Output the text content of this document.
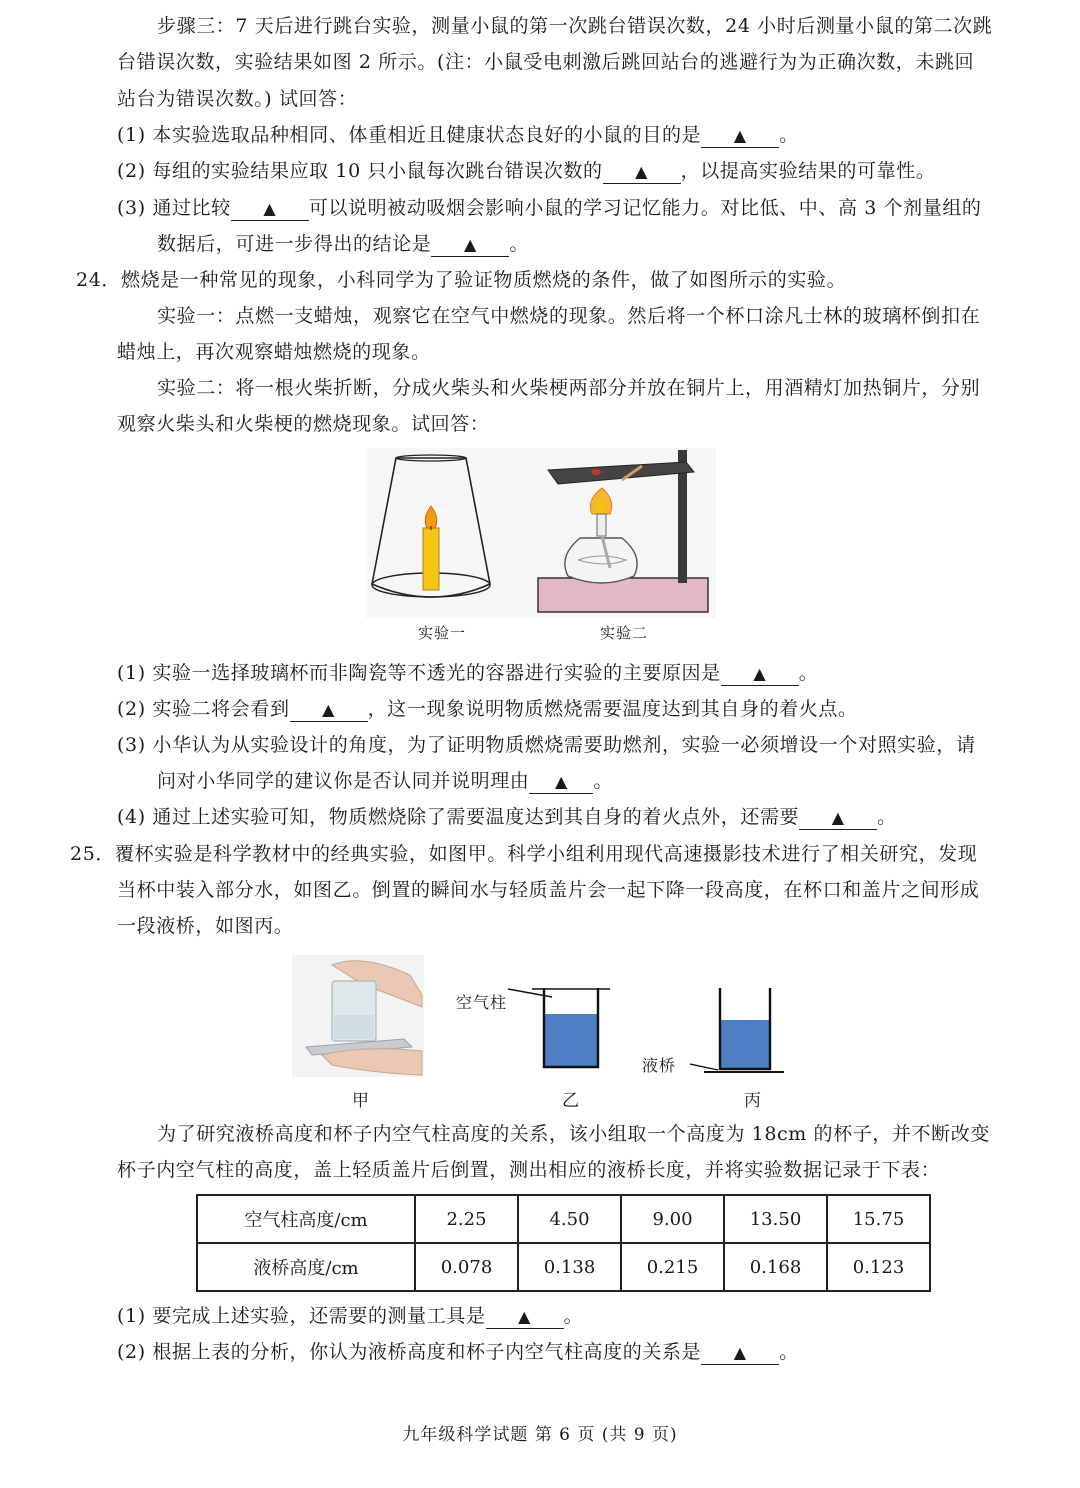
步骤三：7 天后进行跳台实验，测量小鼠的第一次跳台错误次数，24 小时后测量小鼠的第二次跳
台错误次数，实验结果如图 2 所示。(注：小鼠受电刺激后跳回站台的逃避行为为正确次数，未跳回
站台为错误次数。) 试回答：
(1) 本实验选取品种相同、体重相近且健康状态良好的小鼠的目的是 ▲ 。
(2) 每组的实验结果应取 10 只小鼠每次跳台错误次数的 ▲ ，以提高实验结果的可靠性。
(3) 通过比较 ▲ 可以说明被动吸烟会影响小鼠的学习记忆能力。对比低、中、高 3 个剂量组的
数据后，可进一步得出的结论是 ▲ 。
24．燃烧是一种常见的现象，小科同学为了验证物质燃烧的条件，做了如图所示的实验。
实验一：点燃一支蜡烛，观察它在空气中燃烧的现象。然后将一个杯口涂凡士林的玻璃杯倒扣在
蜡烛上，再次观察蜡烛燃烧的现象。
实验二：将一根火柴折断，分成火柴头和火柴梗两部分并放在铜片上，用酒精灯加热铜片，分别
观察火柴头和火柴梗的燃烧现象。试回答：
实验一	实验二
(1) 实验一选择玻璃杯而非陶瓷等不透光的容器进行实验的主要原因是 ▲ 。
(2) 实验二将会看到 ▲ ，这一现象说明物质燃烧需要温度达到其自身的着火点。
(3) 小华认为从实验设计的角度，为了证明物质燃烧需要助燃剂，实验一必须增设一个对照实验，请
问对小华同学的建议你是否认同并说明理由 ▲ 。
(4) 通过上述实验可知，物质燃烧除了需要温度达到其自身的着火点外，还需要 ▲ 。
25．覆杯实验是科学教材中的经典实验，如图甲。科学小组利用现代高速摄影技术进行了相关研究，发现
当杯中装入部分水，如图乙。倒置的瞬间水与轻质盖片会一起下降一段高度，在杯口和盖片之间形成
一段液桥，如图丙。
空气柱
液桥
甲	乙	丙
为了研究液桥高度和杯子内空气柱高度的关系，该小组取一个高度为 18cm 的杯子，并不断改变
杯子内空气柱的高度，盖上轻质盖片后倒置，测出相应的液桥长度，并将实验数据记录于下表：
空气柱高度/cm	2.25	4.50	9.00	13.50	15.75
液桥高度/cm	0.078	0.138	0.215	0.168	0.123
(1) 要完成上述实验，还需要的测量工具是 ▲ 。
(2) 根据上表的分析，你认为液桥高度和杯子内空气柱高度的关系是 ▲ 。
九年级科学试题 第 6 页 (共 9 页)
